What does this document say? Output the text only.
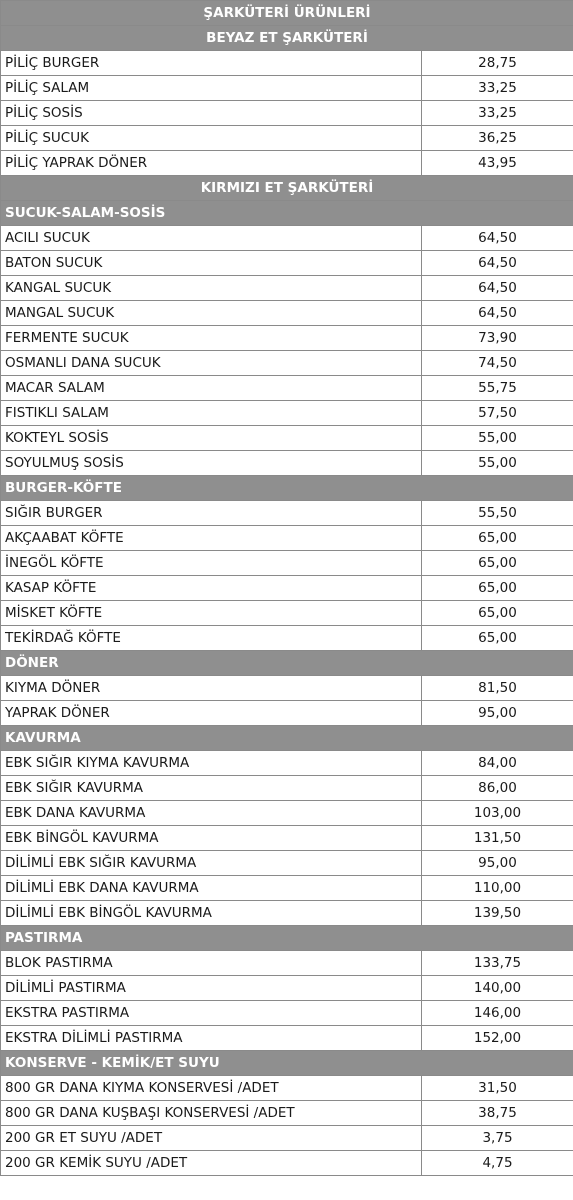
ŞARKÜTERİ ÜRÜNLERİ	
BEYAZ ET ŞARKÜTERİ	
PİLİÇ BURGER	28,75
PİLİÇ SALAM	33,25
PİLİÇ SOSİS	33,25
PİLİÇ SUCUK	36,25
PİLİÇ YAPRAK DÖNER	43,95
KIRMIZI ET ŞARKÜTERİ	
SUCUK-SALAM-SOSİS	
ACILI SUCUK	64,50
BATON SUCUK	64,50
KANGAL SUCUK	64,50
MANGAL SUCUK	64,50
FERMENTE SUCUK	73,90
OSMANLI DANA SUCUK	74,50
MACAR SALAM	55,75
FISTIKLI SALAM	57,50
KOKTEYL SOSİS	55,00
SOYULMUŞ SOSİS	55,00
BURGER-KÖFTE	
SIĞIR BURGER	55,50
AKÇAABAT KÖFTE	65,00
İNEGÖL KÖFTE	65,00
KASAP KÖFTE	65,00
MİSKET KÖFTE	65,00
TEKİRDAĞ KÖFTE	65,00
DÖNER	
KIYMA DÖNER	81,50
YAPRAK DÖNER	95,00
KAVURMA	
EBK SIĞIR KIYMA KAVURMA	84,00
EBK SIĞIR KAVURMA	86,00
EBK DANA KAVURMA	103,00
EBK BİNGÖL KAVURMA	131,50
DİLİMLİ EBK SIĞIR KAVURMA	95,00
DİLİMLİ EBK DANA KAVURMA	110,00
DİLİMLİ EBK BİNGÖL KAVURMA	139,50
PASTIRMA	
BLOK PASTIRMA	133,75
DİLİMLİ PASTIRMA	140,00
EKSTRA PASTIRMA	146,00
EKSTRA DİLİMLİ PASTIRMA	152,00
KONSERVE - KEMİK/ET SUYU	
800 GR DANA KIYMA KONSERVESİ /ADET	31,50
800 GR DANA KUŞBAŞI KONSERVESİ /ADET	38,75
200 GR ET SUYU /ADET	3,75
200 GR KEMİK SUYU /ADET	4,75
